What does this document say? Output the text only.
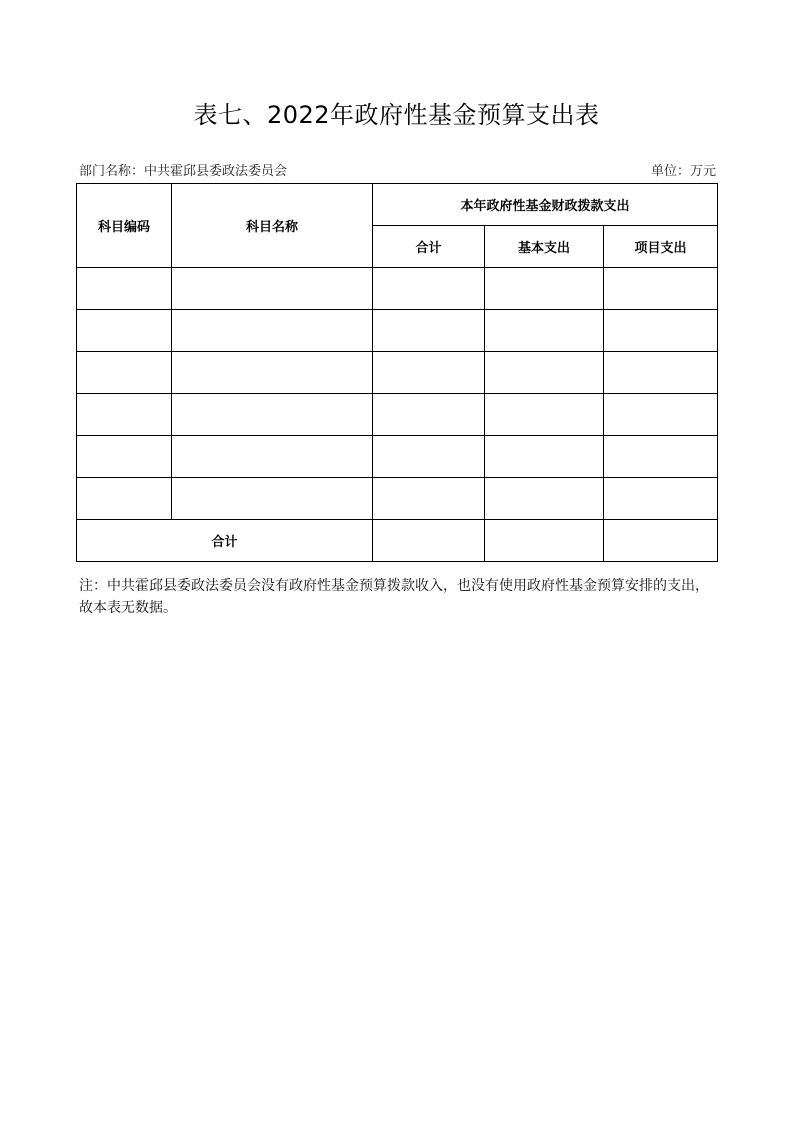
表七、2022年政府性基金预算支出表
部门名称：中共霍邱县委政法委员会	单位：万元
科目编码	科目名称	本年政府性基金财政拨款支出		
		合计	基本支出	项目支出

合计				
注：中共霍邱县委政法委员会没有政府性基金预算拨款收入，也没有使用政府性基金预算安排的支出，故本表无数据。
